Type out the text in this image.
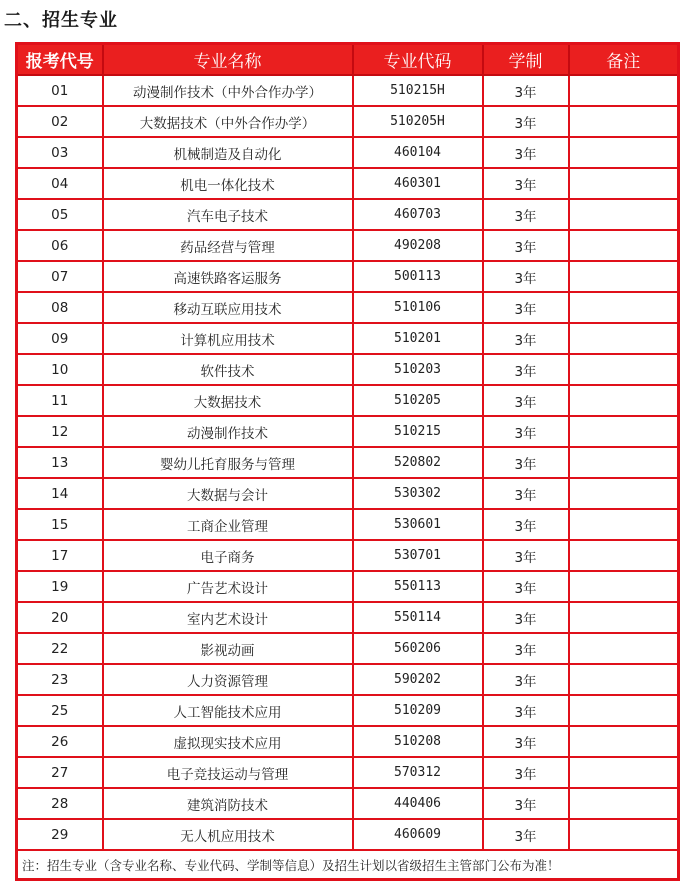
二、招生专业
报考代号	专业名称	专业代码	学制	备注
01	动漫制作技术（中外合作办学）	510215H	3年	
02	大数据技术（中外合作办学）	510205H	3年	
03	机械制造及自动化	460104	3年	
04	机电一体化技术	460301	3年	
05	汽车电子技术	460703	3年	
06	药品经营与管理	490208	3年	
07	高速铁路客运服务	500113	3年	
08	移动互联应用技术	510106	3年	
09	计算机应用技术	510201	3年	
10	软件技术	510203	3年	
11	大数据技术	510205	3年	
12	动漫制作技术	510215	3年	
13	婴幼儿托育服务与管理	520802	3年	
14	大数据与会计	530302	3年	
15	工商企业管理	530601	3年	
17	电子商务	530701	3年	
19	广告艺术设计	550113	3年	
20	室内艺术设计	550114	3年	
22	影视动画	560206	3年	
23	人力资源管理	590202	3年	
25	人工智能技术应用	510209	3年	
26	虚拟现实技术应用	510208	3年	
27	电子竞技运动与管理	570312	3年	
28	建筑消防技术	440406	3年	
29	无人机应用技术	460609	3年	
注：招生专业（含专业名称、专业代码、学制等信息）及招生计划以省级招生主管部门公布为准！				
